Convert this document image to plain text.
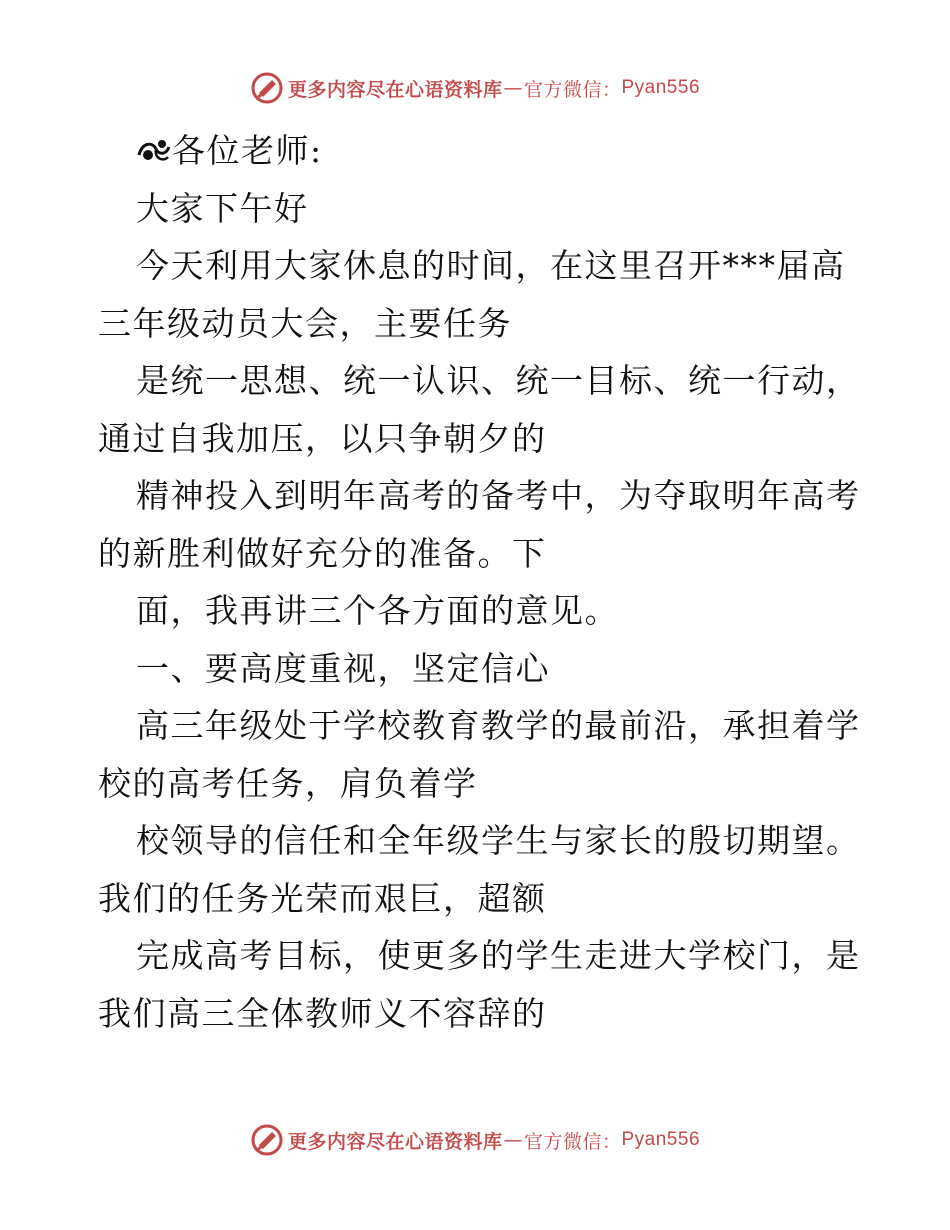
更多内容尽在心语资料库 — 官方微信： Pyan556
各位老师:
大家下午好
今天利用大家休息的时间，在这里召开***届高
三年级动员大会，主要任务
是统一思想、统一认识、统一目标、统一行动，
通过自我加压，以只争朝夕的
精神投入到明年高考的备考中，为夺取明年高考
的新胜利做好充分的准备。下
面，我再讲三个各方面的意见。
一、要高度重视，坚定信心
高三年级处于学校教育教学的最前沿，承担着学
校的高考任务，肩负着学
校领导的信任和全年级学生与家长的殷切期望。
我们的任务光荣而艰巨，超额
完成高考目标，使更多的学生走进大学校门，是
我们高三全体教师义不容辞的
更多内容尽在心语资料库 — 官方微信： Pyan556
